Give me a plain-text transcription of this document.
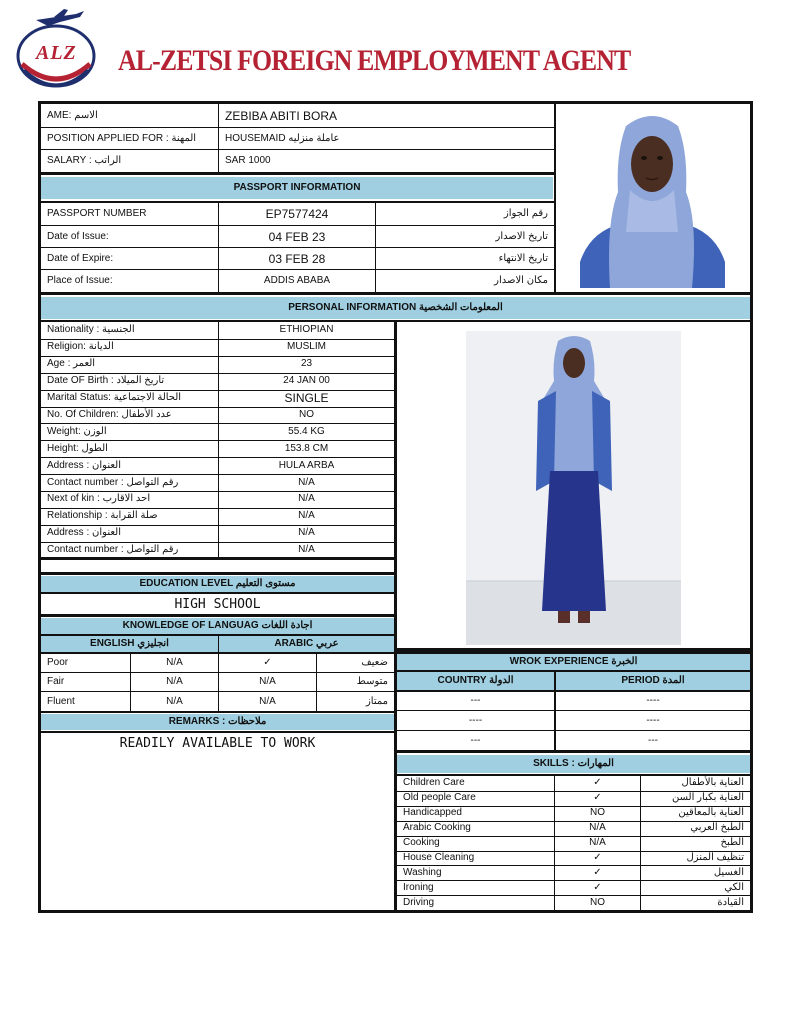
ALZ AL-ZETSI FOREIGN EMPLOYMENT AGENT
PASSPORT INFORMATION
PERSONAL INFORMATION المعلومات الشخصية
AME: الاسم	ZEBIBA ABITI BORA
POSITION APPLIED FOR : المهنة	HOUSEMAID عاملة منزليه
SALARY : الراتب	SAR 1000
PASSPORT NUMBER	EP7577424	رقم الجواز
Date of Issue:	04 FEB 23	تاريخ الاصدار
Date of Expire:	03 FEB 28	تاريخ الانتهاء
Place of Issue:	ADDIS ABABA	مكان الاصدار
Nationality : الجنسية	ETHIOPIAN
Religion: الديانة	MUSLIM
Age : العمر	23
Date OF Birth : تاريخ الميلاد	24 JAN 00
Marital Status: الحالة الاجتماعية	SINGLE
No. Of Children: عدد الأطفال	NO
Weight: الوزن	55.4 KG
Height: الطول	153.8 CM
Address : العنوان	HULA ARBA
Contact number : رقم التواصل	N/A
Next of kin : احد الاقارب	N/A
Relationship : صلة القرابة	N/A
Address : العنوان	N/A
Contact number : رقم التواصل	N/A
EDUCATION LEVEL مستوى التعليم
HIGH SCHOOL
KNOWLEDGE OF LANGUAG اجادة اللغات
ENGLISH انجليزي	ARABIC عربي
Poor	N/A	✓	ضعيف
Fair	N/A	N/A	متوسط
Fluent	N/A	N/A	ممتاز
REMARKS : ملاحظات
READILY AVAILABLE TO WORK
WROK EXPERIENCE الخبرة
COUNTRY الدولة	PERIOD المدة
---	----
----	----
---	---
SKILLS : المهارات
Children Care	✓	العناية بالأطفال
Old people Care	✓	العناية بكبار السن
Handicapped	NO	العناية بالمعاقين
Arabic Cooking	N/A	الطبخ العربي
Cooking	N/A	الطبخ
House Cleaning	✓	تنظيف المنزل
Washing	✓	الغسيل
Ironing	✓	الكي
Driving	NO	القيادة
